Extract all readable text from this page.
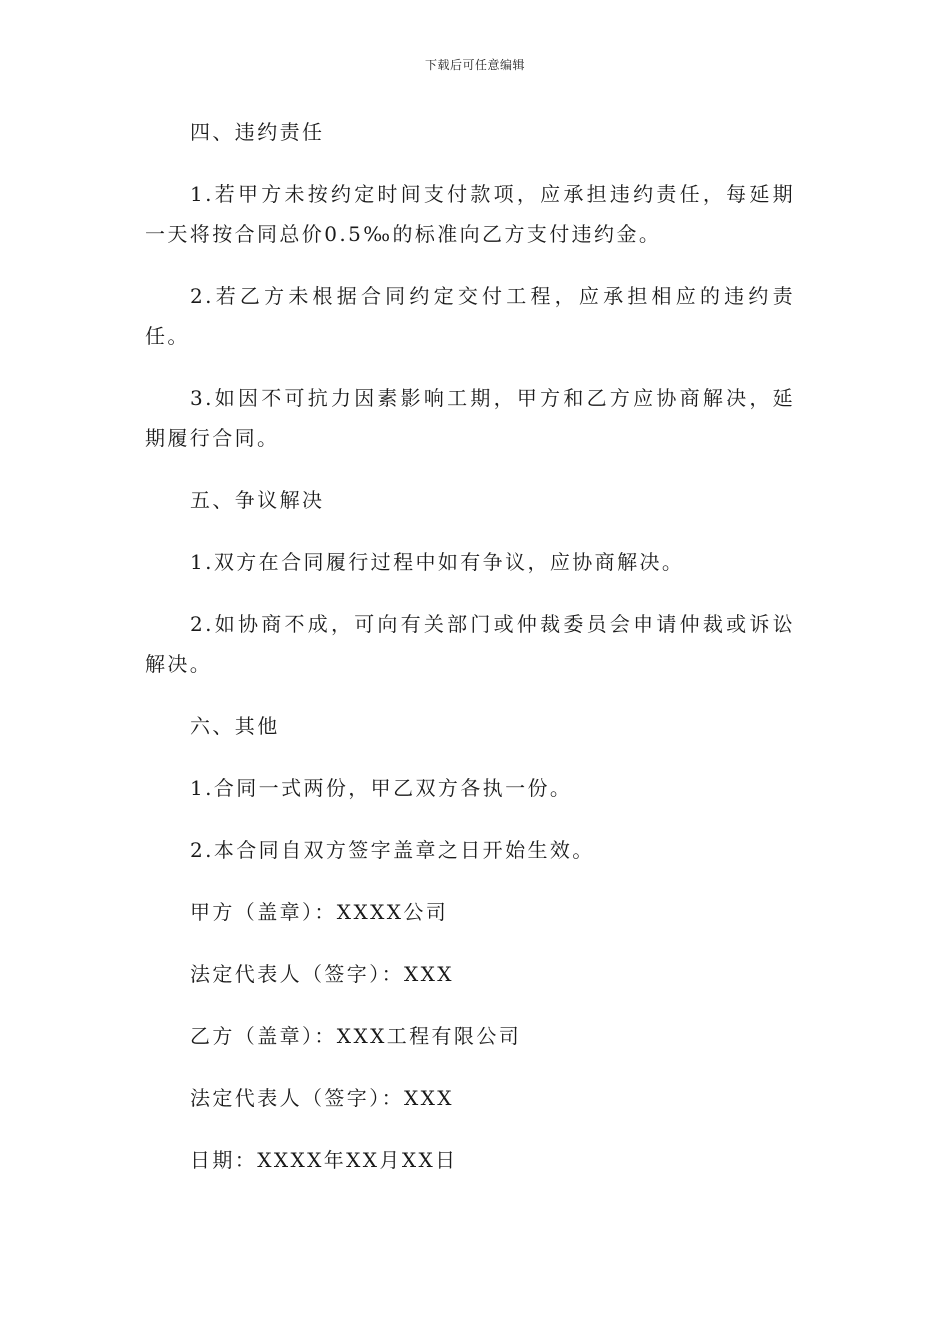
下载后可任意编辑

四、违约责任

1.若甲方未按约定时间支付款项，应承担违约责任，每延期一天将按合同总价0.5‰的标准向乙方支付违约金。

2.若乙方未根据合同约定交付工程，应承担相应的违约责任。

3.如因不可抗力因素影响工期，甲方和乙方应协商解决，延期履行合同。

五、争议解决

1.双方在合同履行过程中如有争议，应协商解决。

2.如协商不成，可向有关部门或仲裁委员会申请仲裁或诉讼解决。

六、其他

1.合同一式两份，甲乙双方各执一份。

2.本合同自双方签字盖章之日开始生效。

甲方（盖章）：XXXX公司

法定代表人（签字）：XXX

乙方（盖章）：XXX工程有限公司

法定代表人（签字）：XXX

日期：XXXX年XX月XX日
